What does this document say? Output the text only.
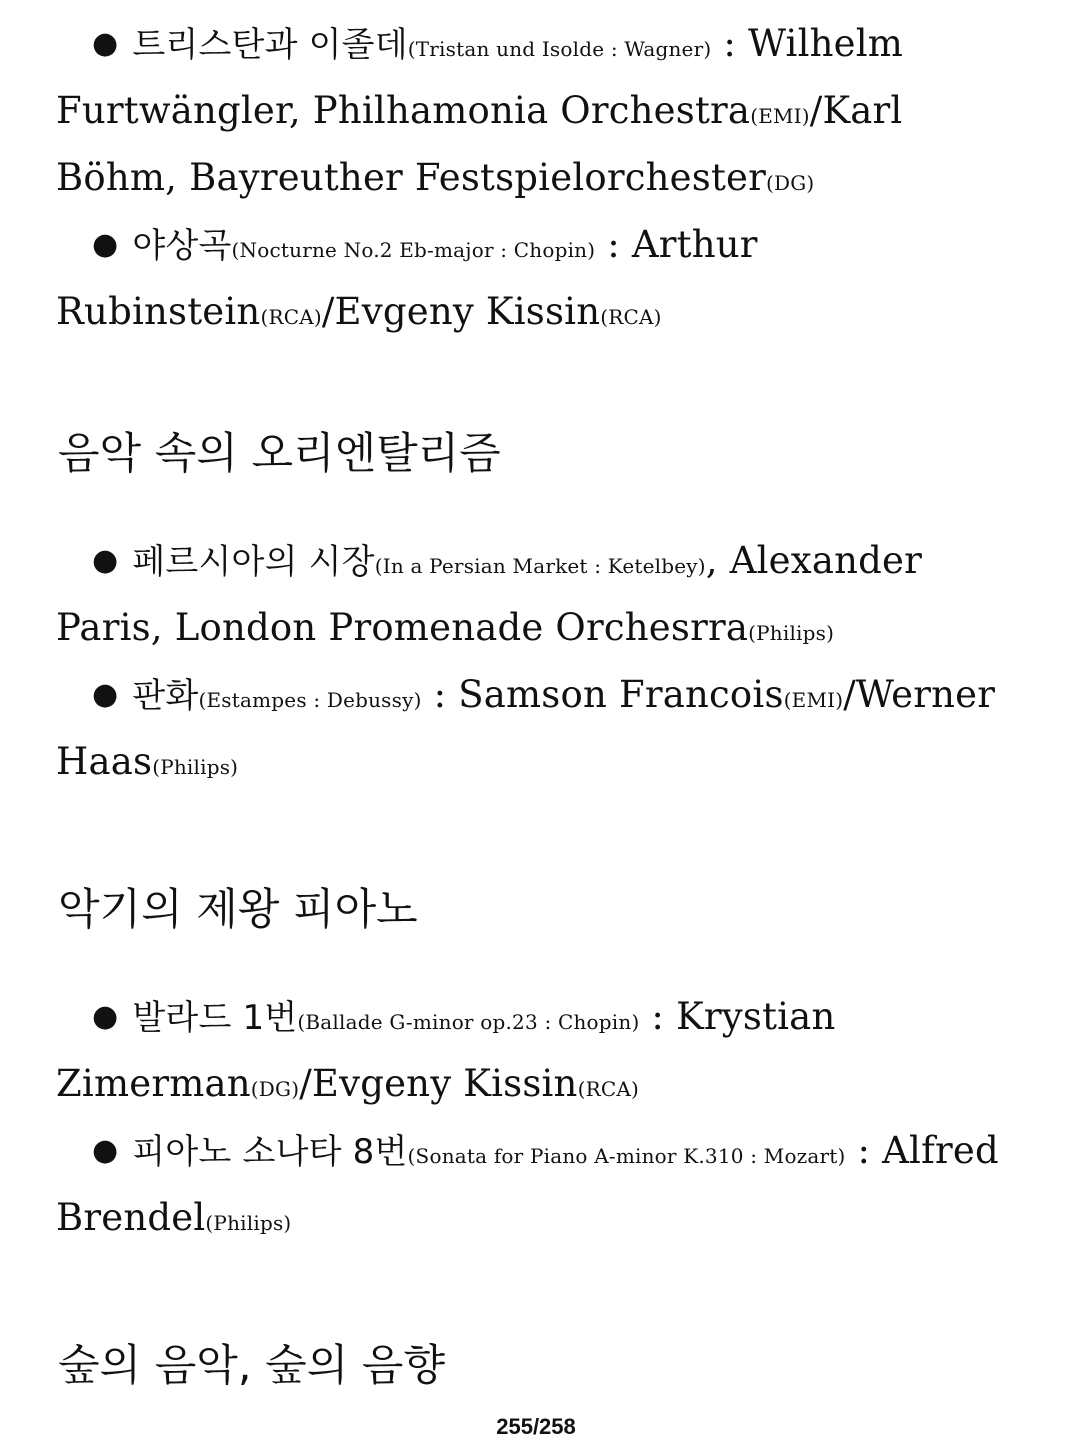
● 트리스탄과 이졸데(Tristan und Isolde : Wagner) : Wilhelm Furtwängler, Philhamonia Orchestra(EMI)/Karl Böhm, Bayreuther Festspielorchester(DG)

● 야상곡(Nocturne No.2 Eb-major : Chopin) : Arthur Rubinstein(RCA)/Evgeny Kissin(RCA)

음악 속의 오리엔탈리즘

● 페르시아의 시장(In a Persian Market : Ketelbey), Alexander Paris, London Promenade Orchesrra(Philips)

● 판화(Estampes : Debussy) : Samson Francois(EMI)/Werner Haas(Philips)

악기의 제왕 피아노

● 발라드 1번(Ballade G-minor op.23 : Chopin) : Krystian Zimerman(DG)/Evgeny Kissin(RCA)

● 피아노 소나타 8번(Sonata for Piano A-minor K.310 : Mozart) : Alfred Brendel(Philips)

숲의 음악, 숲의 음향
255/258
